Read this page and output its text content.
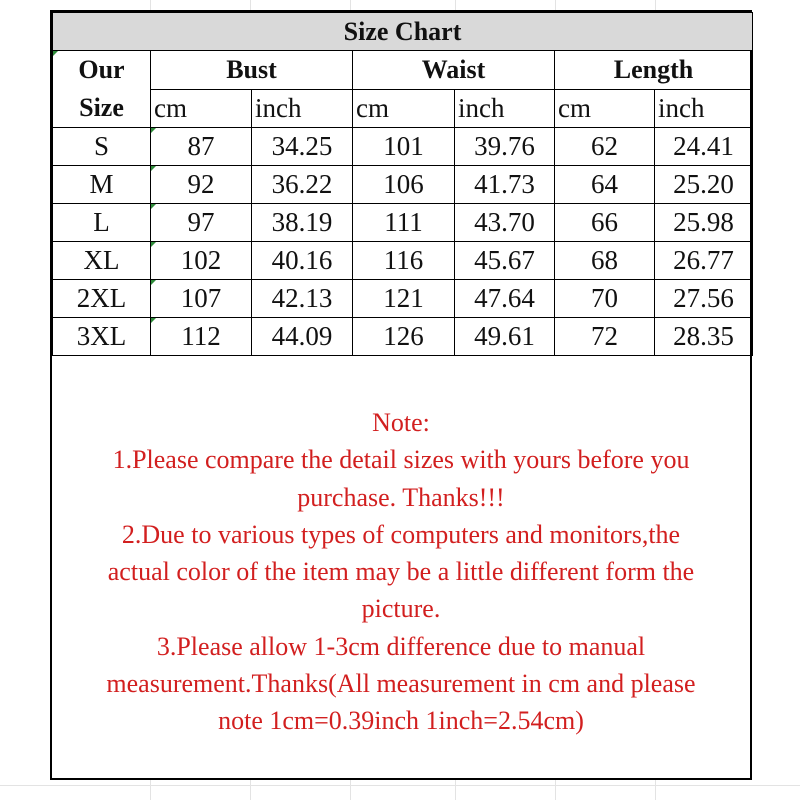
Size Chart						
Our
Size	Bust		Waist		Length	
	cm	inch	cm	inch	cm	inch
S	87	34.25	101	39.76	62	24.41
M	92	36.22	106	41.73	64	25.20
L	97	38.19	111	43.70	66	25.98
XL	102	40.16	116	45.67	68	26.77
2XL	107	42.13	121	47.64	70	27.56
3XL	112	44.09	126	49.61	72	28.35

Note:

1.Please compare the detail sizes with yours before you

purchase. Thanks!!!

2.Due to various types of computers and monitors,the

actual color of the item may be a little different form the

picture.

3.Please allow 1-3cm difference due to manual

measurement.Thanks(All measurement in cm and please

note 1cm=0.39inch 1inch=2.54cm)
